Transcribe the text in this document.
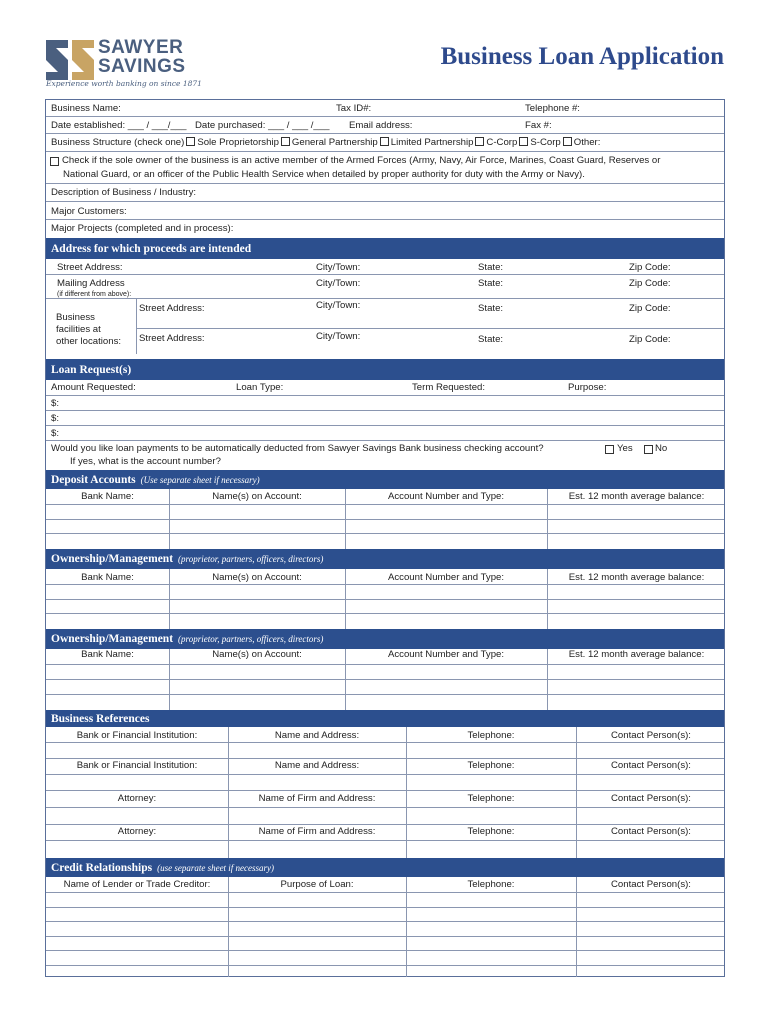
SAWYER
SAVINGS
Experience worth banking on since 1871
Business Loan Application
Business Name:	Tax ID#:	Telephone #:
Date established: ___ / ___/___ Date purchased: ___ / ___ /___ Email address:	Fax #:
Business Structure (check one) Sole Proprietorship General Partnership Limited Partnership C-Corp S-Corp Other:
Check if the sole owner of the business is an active member of the Armed Forces (Army, Navy, Air Force, Marines, Coast Guard, Reserves or
National Guard, or an officer of the Public Health Service when detailed by proper authority for duty with the Army or Navy).
Description of Business / Industry:
Major Customers:
Major Projects (completed and in process):
Address for which proceeds are intended
Street Address:	City/Town:	State:	Zip Code:
Mailing Address
(if different from above):
City/Town:	State:	Zip Code:
Business
facilities at
other locations:
Street Address:	City/Town:	State:	Zip Code:
Street Address:	City/Town:	State:	Zip Code:
Loan Request(s)
Amount Requested:	Loan Type:	Term Requested:	Purpose:
$:
$:
$:
Would you like loan payments to be automatically deducted from Sawyer Savings Bank business checking account?	Yes No
If yes, what is the account number?
Deposit Accounts (Use separate sheet if necessary)
Bank Name:	Name(s) on Account:	Account Number and Type:	Est. 12 month average balance:
Ownership/Management (proprietor, partners, officers, directors)
Bank Name:	Name(s) on Account:	Account Number and Type:	Est. 12 month average balance:
Ownership/Management (proprietor, partners, officers, directors)
Bank Name:	Name(s) on Account:	Account Number and Type:	Est. 12 month average balance:
Business References
Bank or Financial Institution:	Name and Address:	Telephone:	Contact Person(s):
Bank or Financial Institution:	Name and Address:	Telephone:	Contact Person(s):
Attorney:	Name of Firm and Address:	Telephone:	Contact Person(s):
Attorney:	Name of Firm and Address:	Telephone:	Contact Person(s):
Credit Relationships (use separate sheet if necessary)
Name of Lender or Trade Creditor:	Purpose of Loan:	Telephone:	Contact Person(s):
